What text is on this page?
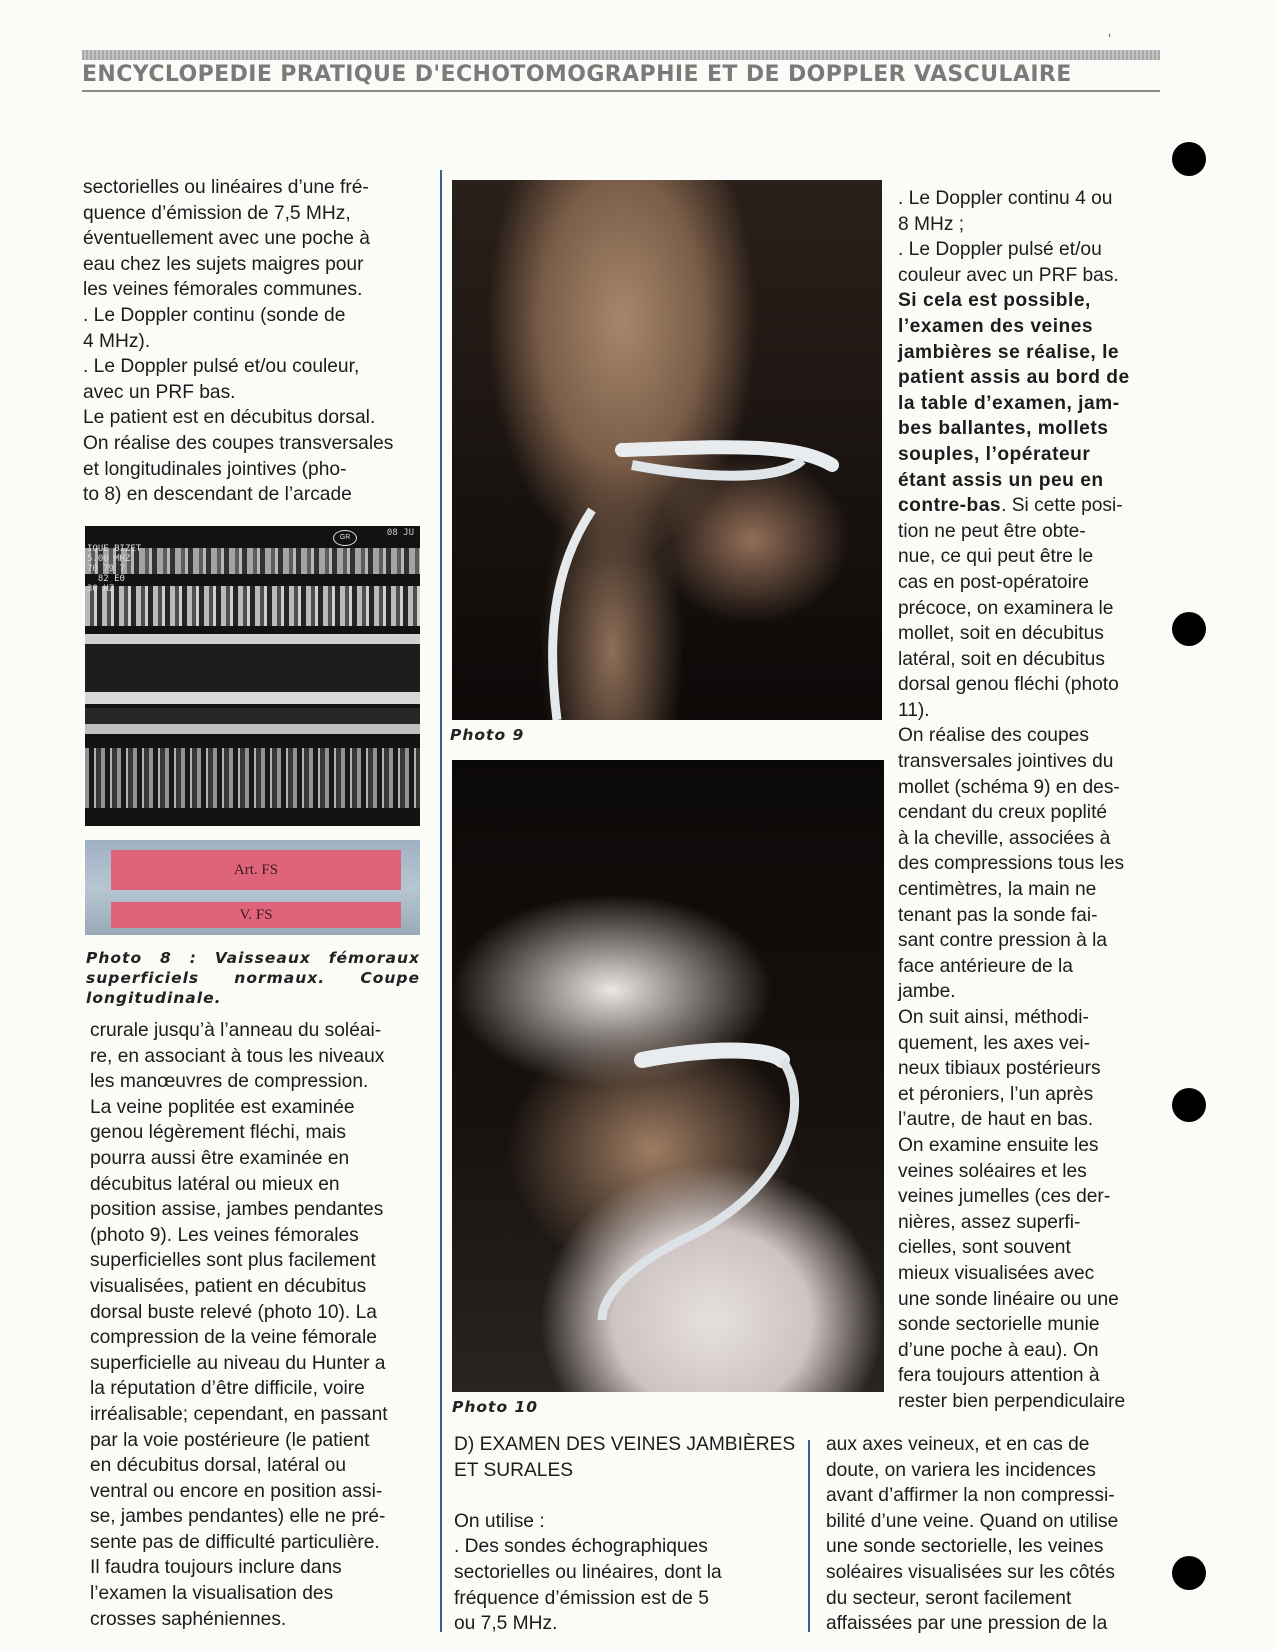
ENCYCLOPEDIE PRATIQUE D'ECHOTOMOGRAPHIE ET DE DOPPLER VASCULAIRE
‘

sectorielles ou linéaires d’une fré-

quence d’émission de 7,5 MHz,

éventuellement avec une poche à

eau chez les sujets maigres pour

les veines fémorales communes.

. Le Doppler continu (sonde de

4 MHz).

. Le Doppler pulsé et/ou couleur,

avec un PRF bas.

Le patient est en décubitus dorsal.

On réalise des coupes transversales

et longitudinales jointives (pho-

to 8) en descendant de l’arcade

08 JU
GR
IQUE BIZET
5.00 MHZ
70 79 7
82 E0
30 HZ
Art. FS
V. FS
Photo 8 : Vaisseaux fémoraux superficiels normaux. Coupe longitudinale.

crurale jusqu’à l’anneau du soléai-

re, en associant à tous les niveaux

les manœuvres de compression.

La veine poplitée est examinée

genou légèrement fléchi, mais

pourra aussi être examinée en

décubitus latéral ou mieux en

position assise, jambes pendantes

(photo 9). Les veines fémorales

superficielles sont plus facilement

visualisées, patient en décubitus

dorsal buste relevé (photo 10). La

compression de la veine fémorale

superficielle au niveau du Hunter a

la réputation d’être difficile, voire

irréalisable; cependant, en passant

par la voie postérieure (le patient

en décubitus dorsal, latéral ou

ventral ou encore en position assi-

se, jambes pendantes) elle ne pré-

sente pas de difficulté particulière.

Il faudra toujours inclure dans

l’examen la visualisation des

crosses saphéniennes.

Photo 9
Photo 10

D) EXAMEN DES VEINES JAMBIÈRES

ET SURALES

On utilise :

. Des sondes échographiques

sectorielles ou linéaires, dont la

fréquence d’émission est de 5

ou 7,5 MHz.

. Le Doppler continu 4 ou

8 MHz ;

. Le Doppler pulsé et/ou

couleur avec un PRF bas.

Si cela est possible,

l’examen des veines

jambières se réalise, le

patient assis au bord de

la table d’examen, jam-

bes ballantes, mollets

souples, l’opérateur

étant assis un peu en

contre-bas. Si cette posi-

tion ne peut être obte-

nue, ce qui peut être le

cas en post-opératoire

précoce, on examinera le

mollet, soit en décubitus

latéral, soit en décubitus

dorsal genou fléchi (photo

11).

On réalise des coupes

transversales jointives du

mollet (schéma 9) en des-

cendant du creux poplité

à la cheville, associées à

des compressions tous les

centimètres, la main ne

tenant pas la sonde fai-

sant contre pression à la

face antérieure de la

jambe.

On suit ainsi, méthodi-

quement, les axes vei-

neux tibiaux postérieurs

et péroniers, l’un après

l’autre, de haut en bas.

On examine ensuite les

veines soléaires et les

veines jumelles (ces der-

nières, assez superfi-

cielles, sont souvent

mieux visualisées avec

une sonde linéaire ou une

sonde sectorielle munie

d’une poche à eau). On

fera toujours attention à

rester bien perpendiculaire

aux axes veineux, et en cas de

doute, on variera les incidences

avant d’affirmer la non compressi-

bilité d’une veine. Quand on utilise

une sonde sectorielle, les veines

soléaires visualisées sur les côtés

du secteur, seront facilement

affaissées par une pression de la
